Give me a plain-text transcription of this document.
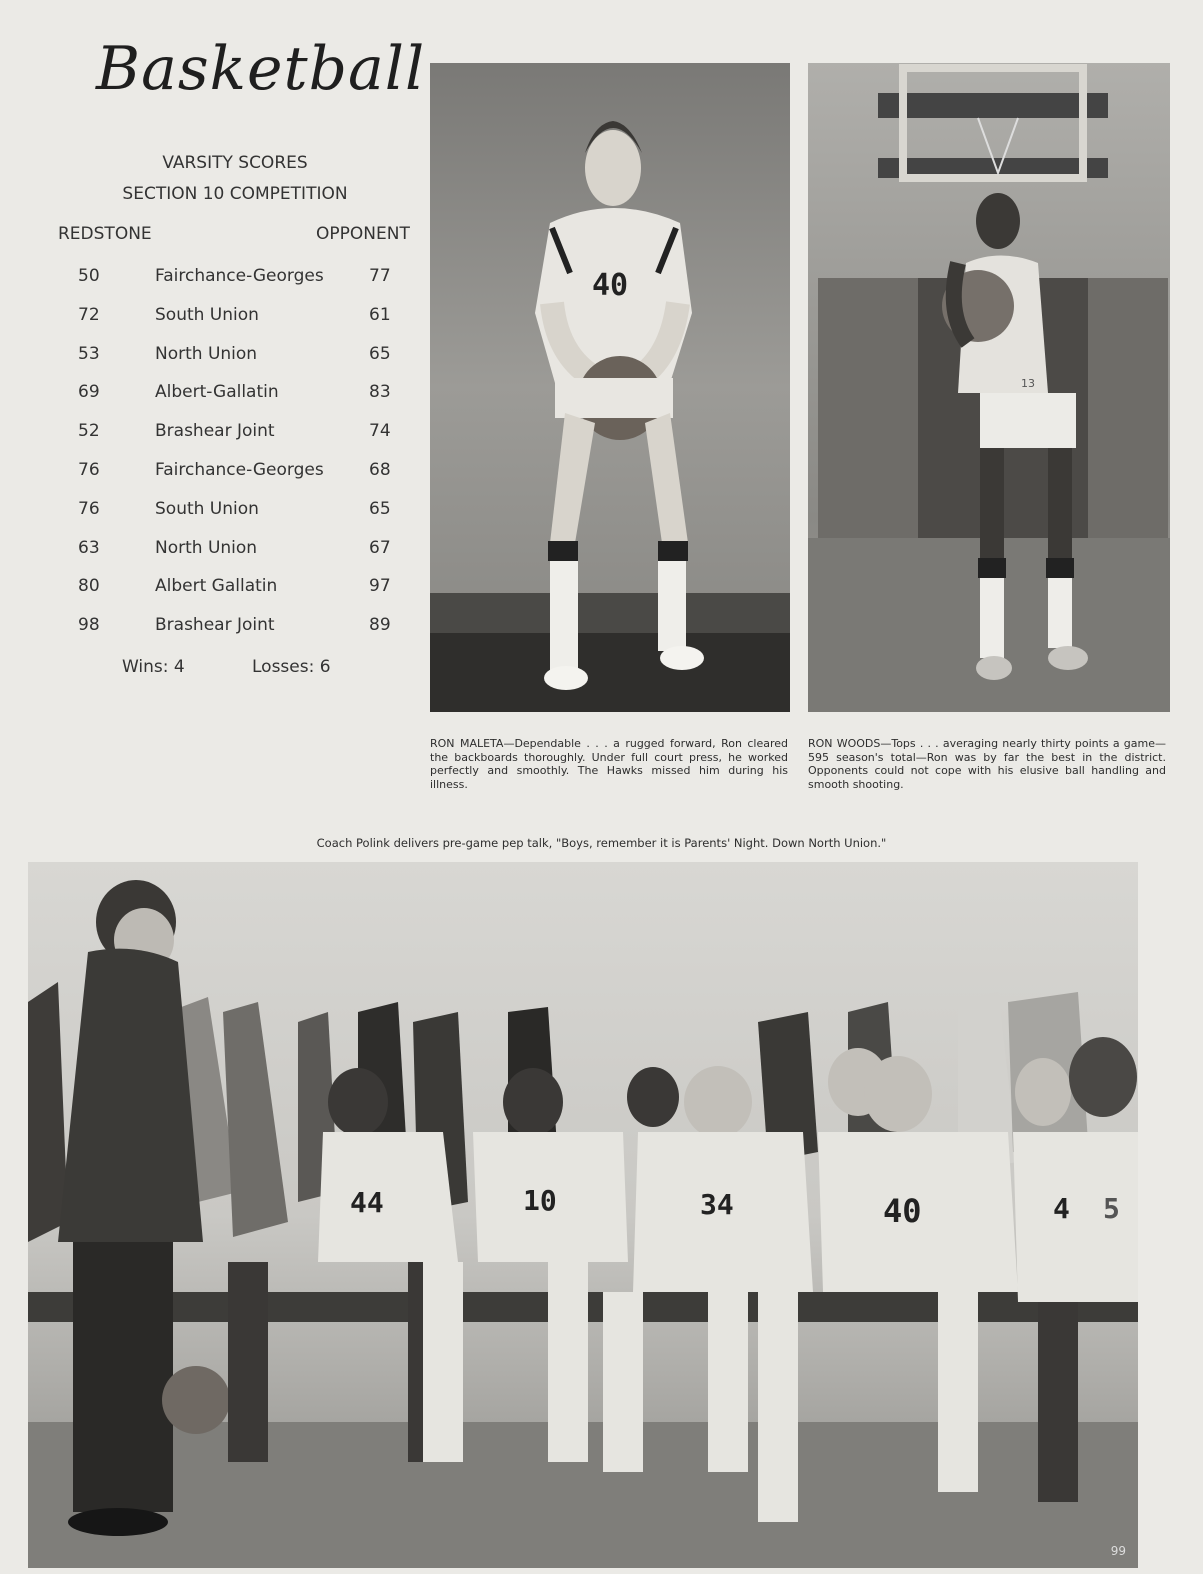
Basketball
VARSITY SCORES
SECTION 10 COMPETITION
REDSTONE	OPPONENT
50	Fairchance-Georges	77
72	South Union	61
53	North Union	65
69	Albert-Gallatin	83
52	Brashear Joint	74
76	Fairchance-Georges	68
76	South Union	65
63	North Union	67
80	Albert Gallatin	97
98	Brashear Joint	89
Wins: 4	Losses: 6
40
13
RON MALETA—Dependable . . . a rugged forward, Ron cleared the backboards thoroughly. Under full court press, he worked perfectly and smoothly. The Hawks missed him during his illness.
RON WOODS—Tops . . . averaging nearly thirty points a game—595 season's total—Ron was by far the best in the district. Opponents could not cope with his elusive ball handling and smooth shooting.
Coach Polink delivers pre-game pep talk, "Boys, remember it is Parents' Night. Down North Union."
44	10	34	40	4 5
99
